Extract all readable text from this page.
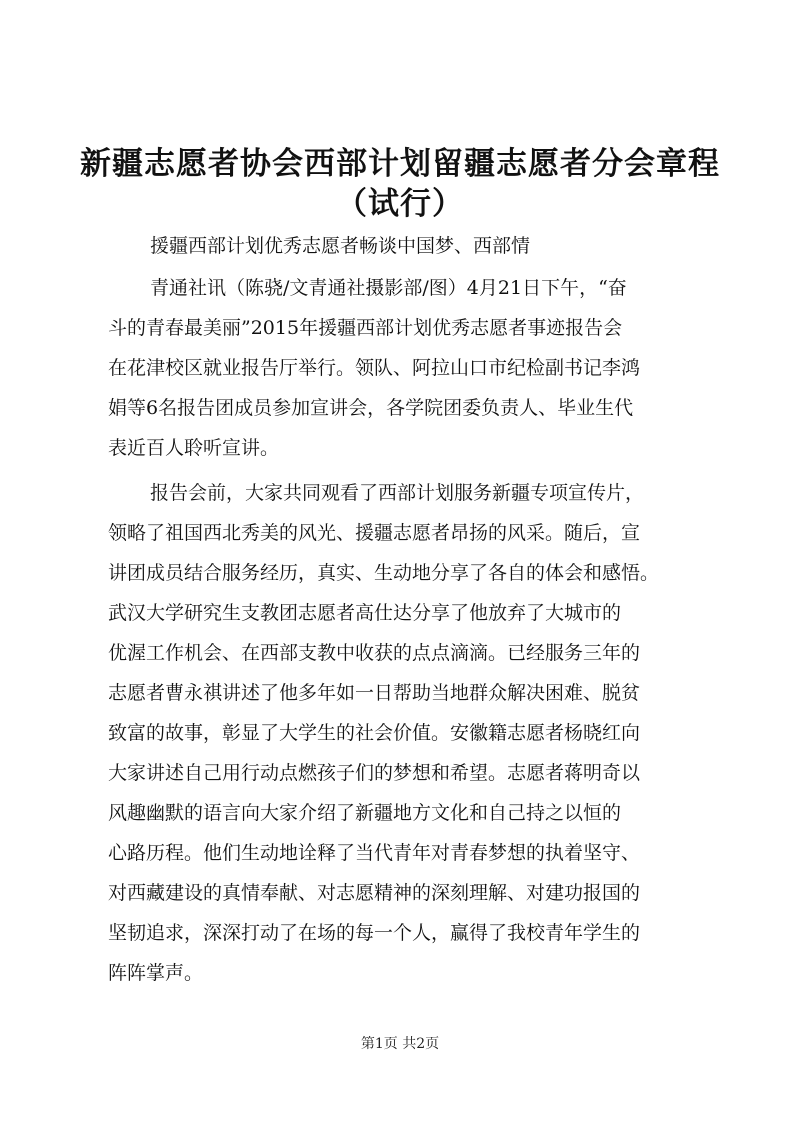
新疆志愿者协会西部计划留疆志愿者分会章程
（试行）
援疆西部计划优秀志愿者畅谈中国梦、西部情
青通社讯（陈骁/文青通社摄影部/图）4月21日下午，“奋
斗的青春最美丽”2015年援疆西部计划优秀志愿者事迹报告会
在花津校区就业报告厅举行。领队、阿拉山口市纪检副书记李鸿
娟等6名报告团成员参加宣讲会，各学院团委负责人、毕业生代
表近百人聆听宣讲。
报告会前，大家共同观看了西部计划服务新疆专项宣传片，
领略了祖国西北秀美的风光、援疆志愿者昂扬的风采。随后，宣
讲团成员结合服务经历，真实、生动地分享了各自的体会和感悟。
武汉大学研究生支教团志愿者高仕达分享了他放弃了大城市的
优渥工作机会、在西部支教中收获的点点滴滴。已经服务三年的
志愿者曹永祺讲述了他多年如一日帮助当地群众解决困难、脱贫
致富的故事，彰显了大学生的社会价值。安徽籍志愿者杨晓红向
大家讲述自己用行动点燃孩子们的梦想和希望。志愿者蒋明奇以
风趣幽默的语言向大家介绍了新疆地方文化和自己持之以恒的
心路历程。他们生动地诠释了当代青年对青春梦想的执着坚守、
对西藏建设的真情奉献、对志愿精神的深刻理解、对建功报国的
坚韧追求，深深打动了在场的每一个人，赢得了我校青年学生的
阵阵掌声。
第1页 共2页
